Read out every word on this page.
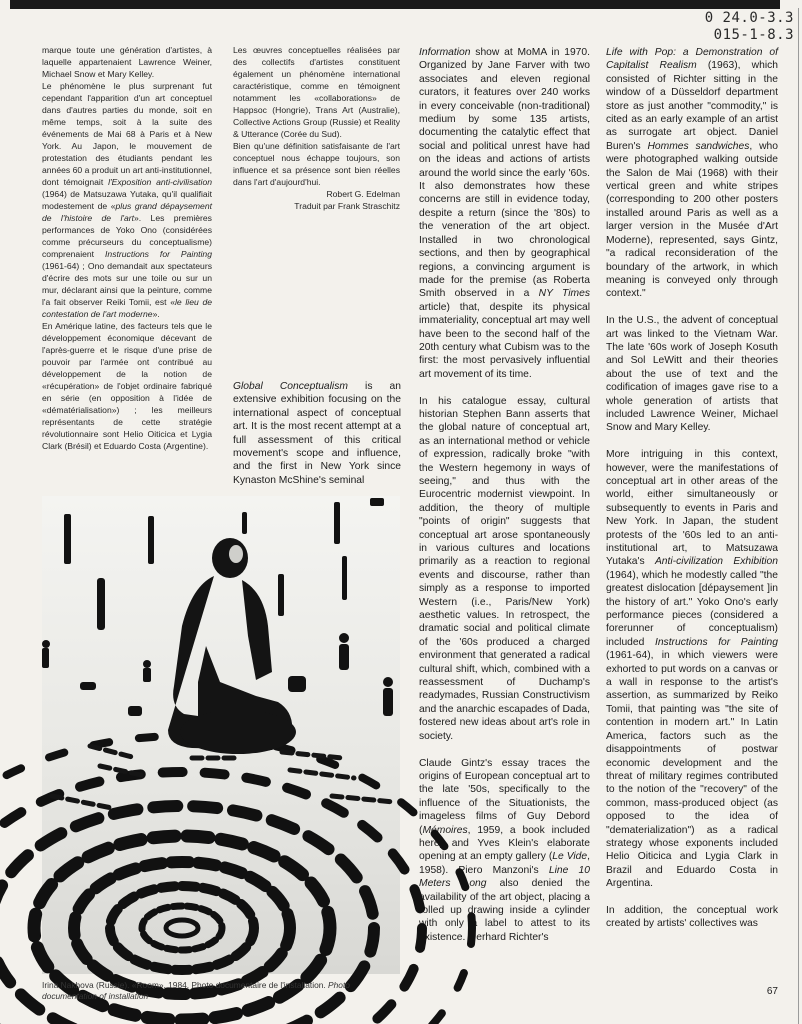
0 24.0-3.3
015-1-8.3

marque toute une génération d'artistes, à laquelle appartenaient Lawrence Weiner, Michael Snow et Mary Kelley.

Le phénomène le plus surprenant fut cependant l'apparition d'un art conceptuel dans d'autres parties du monde, soit en même temps, soit à la suite des événements de Mai 68 à Paris et à New York. Au Japon, le mouvement de protestation des étudiants pendant les années 60 a produit un art anti-institutionnel, dont témoignait l'Exposition anti-civilisation (1964) de Matsuzawa Yutaka, qu'il qualifiait modestement de «plus grand dépaysement de l'histoire de l'art». Les premières performances de Yoko Ono (considérées comme précurseurs du conceptualisme) comprenaient Instructions for Painting (1961-64) ; Ono demandait aux spectateurs d'écrire des mots sur une toile ou sur un mur, déclarant ainsi que la peinture, comme l'a fait observer Reiki Tomii, est «le lieu de contestation de l'art moderne».

En Amérique latine, des facteurs tels que le développement économique décevant de l'après-guerre et le risque d'une prise de pouvoir par l'armée ont contribué au développement de la notion de «récupération» de l'objet ordinaire fabriqué en série (en opposition à l'idée de «dématérialisation») ; les meilleurs représentants de cette stratégie révolutionnaire sont Helio Oiticica et Lygia Clark (Brésil) et Eduardo Costa (Argentine).

Les œuvres conceptuelles réalisées par des collectifs d'artistes constituent également un phénomène international caractéristique, comme en témoignent notamment les «collaborations» de Happsoc (Hongrie), Trans Art (Australie), Collective Actions Group (Russie) et Reality & Utterance (Corée du Sud).

Bien qu'une définition satisfaisante de l'art conceptuel nous échappe toujours, son influence et sa présence sont bien réelles dans l'art d'aujourd'hui.

Robert G. Edelman

Traduit par Frank Straschitz

Global Conceptualism is an extensive exhibition focusing on the international aspect of conceptual art. It is the most recent attempt at a full assessment of this critical movement's scope and influence, and the first in New York since Kynaston McShine's seminal

Information show at MoMA in 1970. Organized by Jane Farver with two associates and eleven regional curators, it features over 240 works in every conceivable (non-traditional) medium by some 135 artists, documenting the catalytic effect that social and political unrest have had on the ideas and actions of artists around the world since the early '60s. It also demonstrates how these concerns are still in evidence today, despite a return (since the '80s) to the veneration of the art object. Installed in two chronological sections, and then by geographical regions, a convincing argument is made for the premise (as Roberta Smith observed in a NY Times article) that, despite its physical immateriality, conceptual art may well have been to the second half of the 20th century what Cubism was to the first: the most pervasively influential art movement of its time.

In his catalogue essay, cultural historian Stephen Bann asserts that the global nature of conceptual art, as an international method or vehicle of expression, radically broke "with the Western hegemony in ways of seeing," and thus with the Eurocentric modernist viewpoint. In addition, the theory of multiple "points of origin" suggests that conceptual art arose spontaneously in various cultures and locations primarily as a reaction to regional events and discourse, rather than simply as a response to imported Western (i.e., Paris/New York) aesthetic values. In retrospect, the dramatic social and political climate of the '60s produced a charged environment that generated a radical cultural shift, which, combined with a reassessment of Duchamp's readymades, Russian Constructivism and the anarchic escapades of Dada, fostered new ideas about art's role in society.

Claude Gintz's essay traces the origins of European conceptual art to the late '50s, specifically to the influence of the Situationists, the imageless films of Guy Debord (Mémoires, 1959, a book included here) and Yves Klein's elaborate opening at an empty gallery (Le Vide, 1958). Piero Manzoni's Line 10 Meters Long also denied the availability of the art object, placing a rolled up drawing inside a cylinder with only a label to attest to its existence. Gerhard Richter's

Life with Pop: a Demonstration of Capitalist Realism (1963), which consisted of Richter sitting in the window of a Düsseldorf department store as just another "commodity," is cited as an early example of an artist as surrogate art object. Daniel Buren's Hommes sandwiches, who were photographed walking outside the Salon de Mai (1968) with their vertical green and white stripes (corresponding to 200 other posters installed around Paris as well as a larger version in the Musée d'Art Moderne), represented, says Gintz, "a radical reconsideration of the boundary of the artwork, in which meaning is conveyed only through context."

In the U.S., the advent of conceptual art was linked to the Vietnam War. The late '60s work of Joseph Kosuth and Sol LeWitt and their theories about the use of text and the codification of images gave rise to a whole generation of artists that included Lawrence Weiner, Michael Snow and Mary Kelley.

More intriguing in this context, however, were the manifestations of conceptual art in other areas of the world, either simultaneously or subsequently to events in Paris and New York. In Japan, the student protests of the '60s led to an anti-institutional art, to Matsuzawa Yutaka's Anti-civilization Exhibition (1964), which he modestly called "the greatest dislocation [dépaysement ]in the history of art." Yoko Ono's early performance pieces (considered a forerunner of conceptualism) included Instructions for Painting (1961-64), in which viewers were exhorted to put words on a canvas or a wall in response to the artist's assertion, as summarized by Reiko Tomii, that painting was "the site of contention in modern art." In Latin America, factors such as the disappointments of postwar economic development and the threat of military regimes contributed to the notion of the "recovery" of the common, mass-produced object (as opposed to the idea of "dematerialization") as a radical strategy whose exponents included Helio Oiticica and Lygia Clark in Brazil and Eduardo Costa in Argentina.

In addition, the conceptual work created by artists' collectives was

Irina Nakhova (Russie). «Room». 1984. Photo documentaire de l'installation. Photo documentation of installation	67
